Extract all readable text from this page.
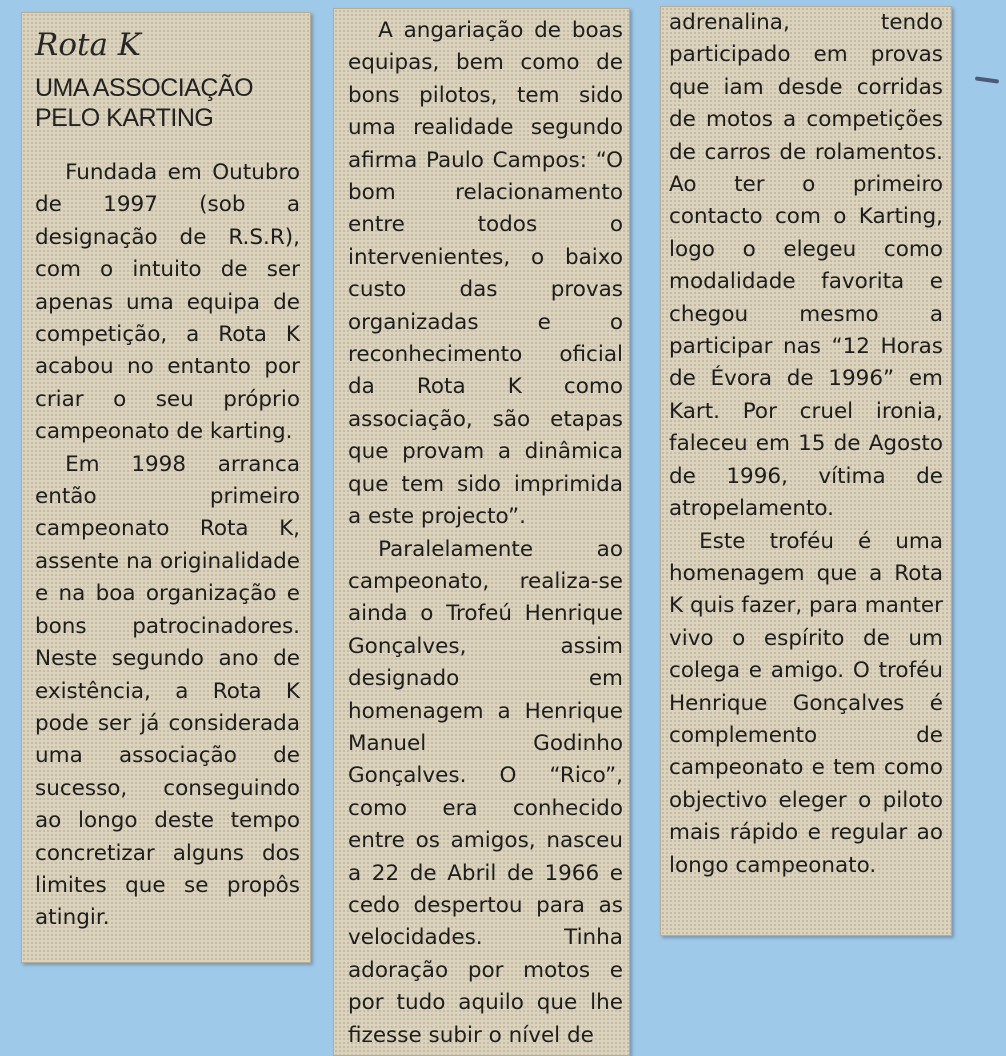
Rota K
UMA ASSOCIAÇÃO
PELO KARTING

Fundada em Outubro de 1997 (sob a designação de R.S.R), com o intuito de ser apenas uma equipa de competição, a Rota K acabou no entanto por criar o seu próprio campeonato de karting.

Em 1998 arranca então primeiro campeonato Rota K, assente na originalidade e na boa organização e bons patrocinadores. Neste segundo ano de existência, a Rota K pode ser já considerada uma associação de sucesso, conseguindo ao longo deste tempo concretizar alguns dos limites que se propôs atingir.

A angariação de boas equipas, bem como de bons pilotos, tem sido uma realidade segundo afirma Paulo Campos: “O bom relacionamento entre todos o intervenientes, o baixo custo das provas organizadas e o reconhecimento oficial da Rota K como associação, são etapas que provam a dinâmica que tem sido imprimida a este projecto”.

Paralelamente ao campeonato, realiza-se ainda o Trofeú Henrique Gonçalves, assim designado em homenagem a Henrique Manuel Godinho Gonçalves. O “Rico”, como era conhecido entre os amigos, nasceu a 22 de Abril de 1966 e cedo despertou para as velocidades. Tinha adoração por motos e por tudo aquilo que lhe fizesse subir o nível de

adrenalina, tendo participado em provas que iam desde corridas de motos a competições de carros de rolamentos. Ao ter o primeiro contacto com o Karting, logo o elegeu como modalidade favorita e chegou mesmo a participar nas “12 Horas de Évora de 1996” em Kart. Por cruel ironia, faleceu em 15 de Agosto de 1996, vítima de atropelamento.

Este troféu é uma homenagem que a Rota K quis fazer, para manter vivo o espírito de um colega e amigo. O troféu Henrique Gonçalves é complemento de campeonato e tem como objectivo eleger o piloto mais rápido e regular ao longo campeonato.
